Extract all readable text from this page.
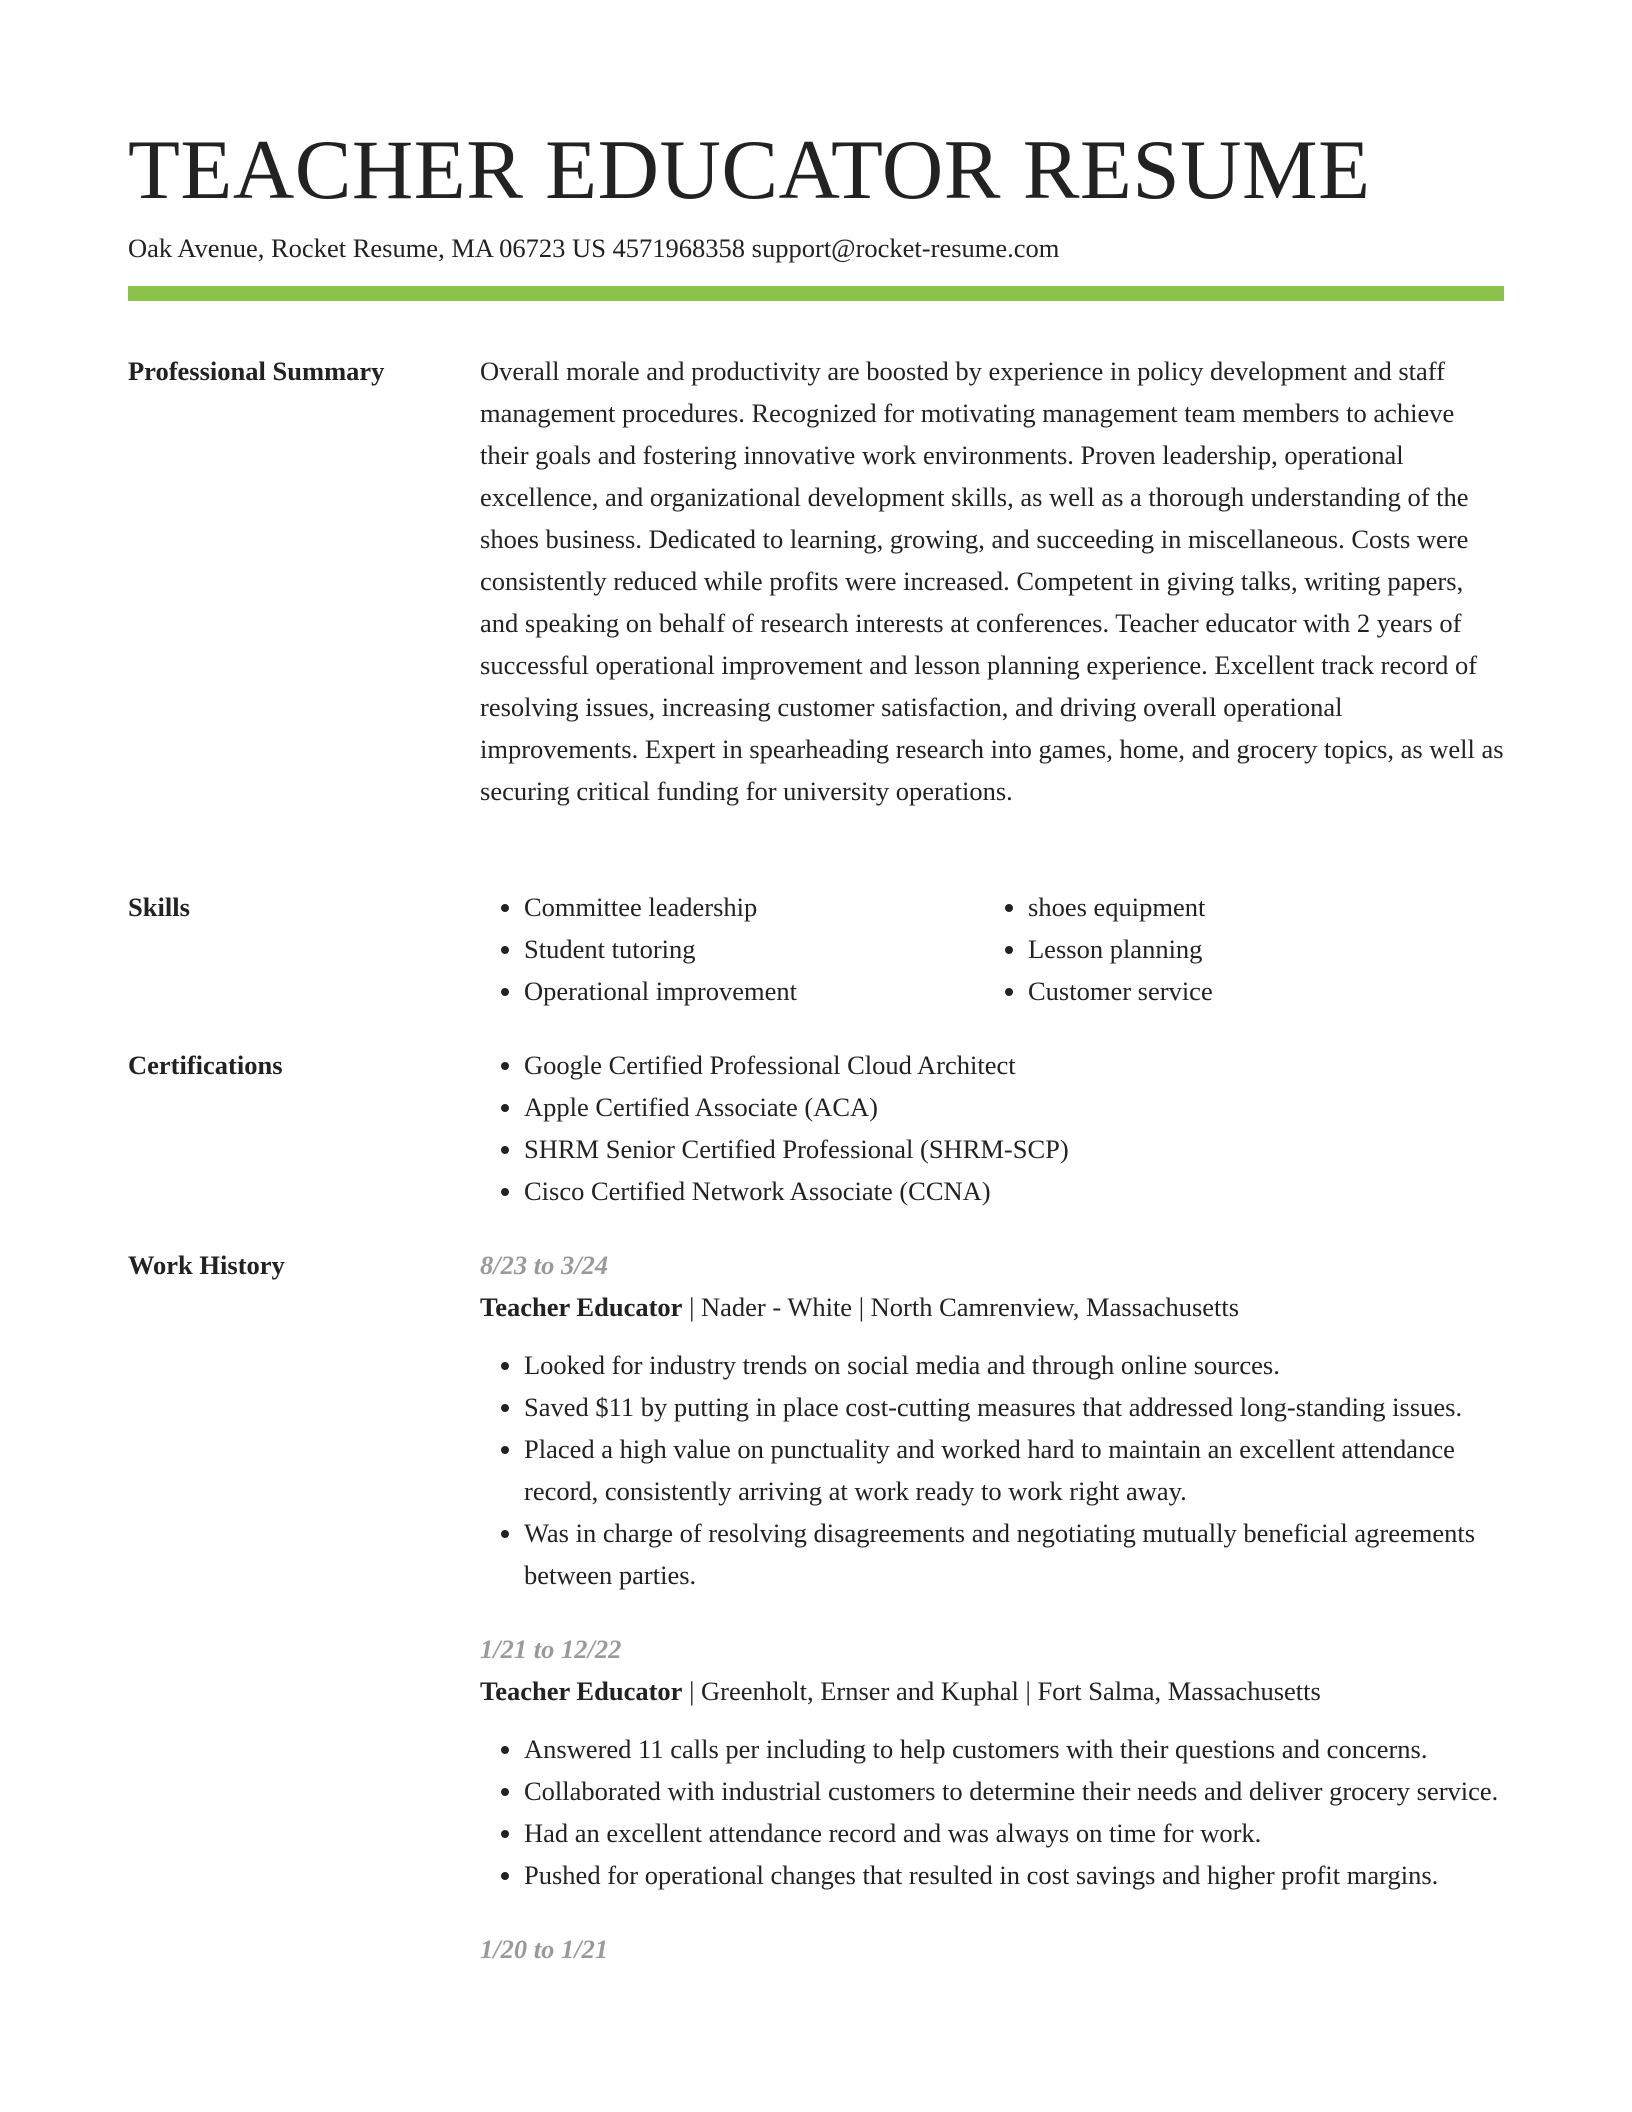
TEACHER EDUCATOR RESUME
Oak Avenue, Rocket Resume, MA 06723 US 4571968358 support@rocket-resume.com
Professional Summary	Overall morale and productivity are boosted by experience in policy development and staff management procedures. Recognized for motivating management team members to achieve their goals and fostering innovative work environments. Proven leadership, operational excellence, and organizational development skills, as well as a thorough understanding of the shoes business. Dedicated to learning, growing, and succeeding in miscellaneous. Costs were consistently reduced while profits were increased. Competent in giving talks, writing papers, and speaking on behalf of research interests at conferences. Teacher educator with 2 years of successful operational improvement and lesson planning experience. Excellent track record of resolving issues, increasing customer satisfaction, and driving overall operational improvements. Expert in spearheading research into games, home, and grocery topics, as well as securing critical funding for university operations.

Skills	• Committee leadership
• Student tutoring
• Operational improvement
• shoes equipment
• Lesson planning
• Customer service
Certifications	• Google Certified Professional Cloud Architect
• Apple Certified Associate (ACA)
• SHRM Senior Certified Professional (SHRM-SCP)
• Cisco Certified Network Associate (CCNA)
Work History	8/23 to 3/24
Teacher Educator | Nader - White | North Camrenview, Massachusetts
• Looked for industry trends on social media and through online sources.
• Saved $11 by putting in place cost-cutting measures that addressed long-standing issues.
• Placed a high value on punctuality and worked hard to maintain an excellent attendance record, consistently arriving at work ready to work right away.
• Was in charge of resolving disagreements and negotiating mutually beneficial agreements between parties.
1/21 to 12/22
Teacher Educator | Greenholt, Ernser and Kuphal | Fort Salma, Massachusetts
• Answered 11 calls per including to help customers with their questions and concerns.
• Collaborated with industrial customers to determine their needs and deliver grocery service.
• Had an excellent attendance record and was always on time for work.
• Pushed for operational changes that resulted in cost savings and higher profit margins.
1/20 to 1/21
